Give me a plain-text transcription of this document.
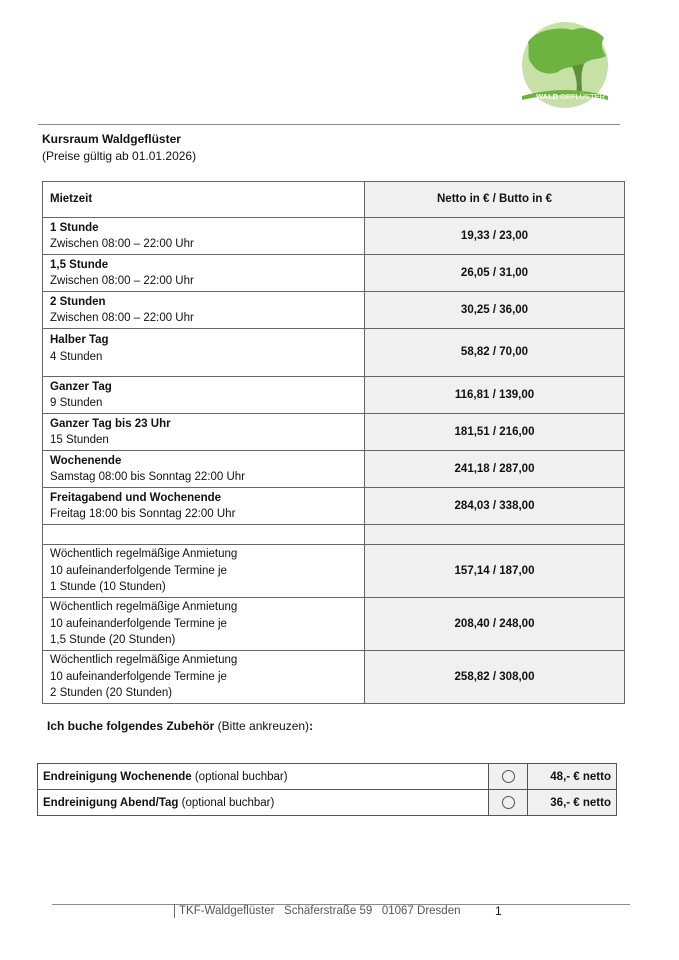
WALD GEFLÜSTER
Kursraum Waldgeflüster
(Preise gültig ab 01.01.2026)
Mietzeit	Netto in € / Butto in €

1 Stunde
Zwischen 08:00 – 22:00 Uhr	19,33 / 23,00

1,5 Stunde
Zwischen 08:00 – 22:00 Uhr	26,05 / 31,00

2 Stunden
Zwischen 08:00 – 22:00 Uhr	30,25 / 36,00

Halber Tag
4 Stunden	58,82 / 70,00

Ganzer Tag
9 Stunden	116,81 / 139,00

Ganzer Tag bis 23 Uhr
15 Stunden	181,51 / 216,00

Wochenende
Samstag 08:00 bis Sonntag 22:00 Uhr	241,18 / 287,00

Freitagabend und Wochenende
Freitag 18:00 bis Sonntag 22:00 Uhr	284,03 / 338,00

Wöchentlich regelmäßige Anmietung
10 aufeinanderfolgende Termine je
1 Stunde (10 Stunden)	157,14 / 187,00

Wöchentlich regelmäßige Anmietung
10 aufeinanderfolgende Termine je
1,5 Stunde (20 Stunden)	208,40 / 248,00

Wöchentlich regelmäßige Anmietung
10 aufeinanderfolgende Termine je
2 Stunden (20 Stunden)	258,82 / 308,00
Ich buche folgendes Zubehör (Bitte ankreuzen):
Endreinigung Wochenende (optional buchbar)		48,- € netto
Endreinigung Abend/Tag (optional buchbar)		36,- € netto
TKF-Waldgeflüster Schäferstraße 59 01067 Dresden	1
